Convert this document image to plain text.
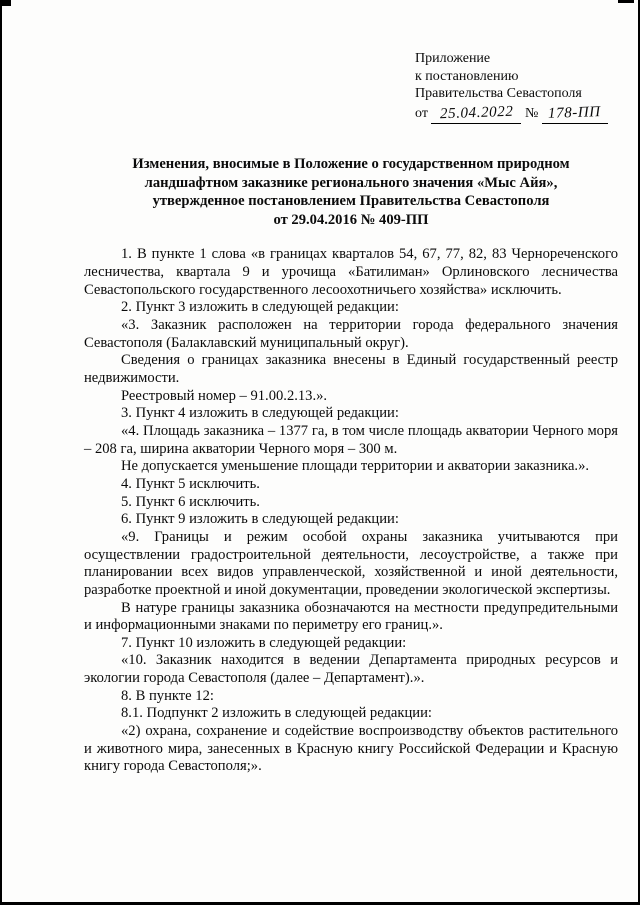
Приложение
к постановлению
Правительства Севастополя
от 25.04.2022 № 178-ПП
Изменения, вносимые в Положение о государственном природном
ландшафтном заказнике регионального значения «Мыс Айя»,
утвержденное постановлением Правительства Севастополя
от 29.04.2016 № 409-ПП

1. В пункте 1 слова «в границах кварталов 54, 67, 77, 82, 83 Чернореченского лесничества, квартала 9 и урочища «Батилиман» Орлиновского лесничества Севастопольского государственного лесоохотничьего хозяйства» исключить.

2. Пункт 3 изложить в следующей редакции:

«3. Заказник расположен на территории города федерального значения Севастополя (Балаклавский муниципальный округ).

Сведения о границах заказника внесены в Единый государственный реестр недвижимости.

Реестровый номер – 91.00.2.13.».

3. Пункт 4 изложить в следующей редакции:

«4. Площадь заказника – 1377 га, в том числе площадь акватории Черного моря – 208 га, ширина акватории Черного моря – 300 м.

Не допускается уменьшение площади территории и акватории заказника.».

4. Пункт 5 исключить.

5. Пункт 6 исключить.

6. Пункт 9 изложить в следующей редакции:

«9. Границы и режим особой охраны заказника учитываются при осуществлении градостроительной деятельности, лесоустройстве, а также при планировании всех видов управленческой, хозяйственной и иной деятельности, разработке проектной и иной документации, проведении экологической экспертизы.

В натуре границы заказника обозначаются на местности предупредительными и информационными знаками по периметру его границ.».

7. Пункт 10 изложить в следующей редакции:

«10. Заказник находится в ведении Департамента природных ресурсов и экологии города Севастополя (далее – Департамент).».

8. В пункте 12:

8.1. Подпункт 2 изложить в следующей редакции:

«2) охрана, сохранение и содействие воспроизводству объектов растительного и животного мира, занесенных в Красную книгу Российской Федерации и Красную книгу города Севастополя;».
